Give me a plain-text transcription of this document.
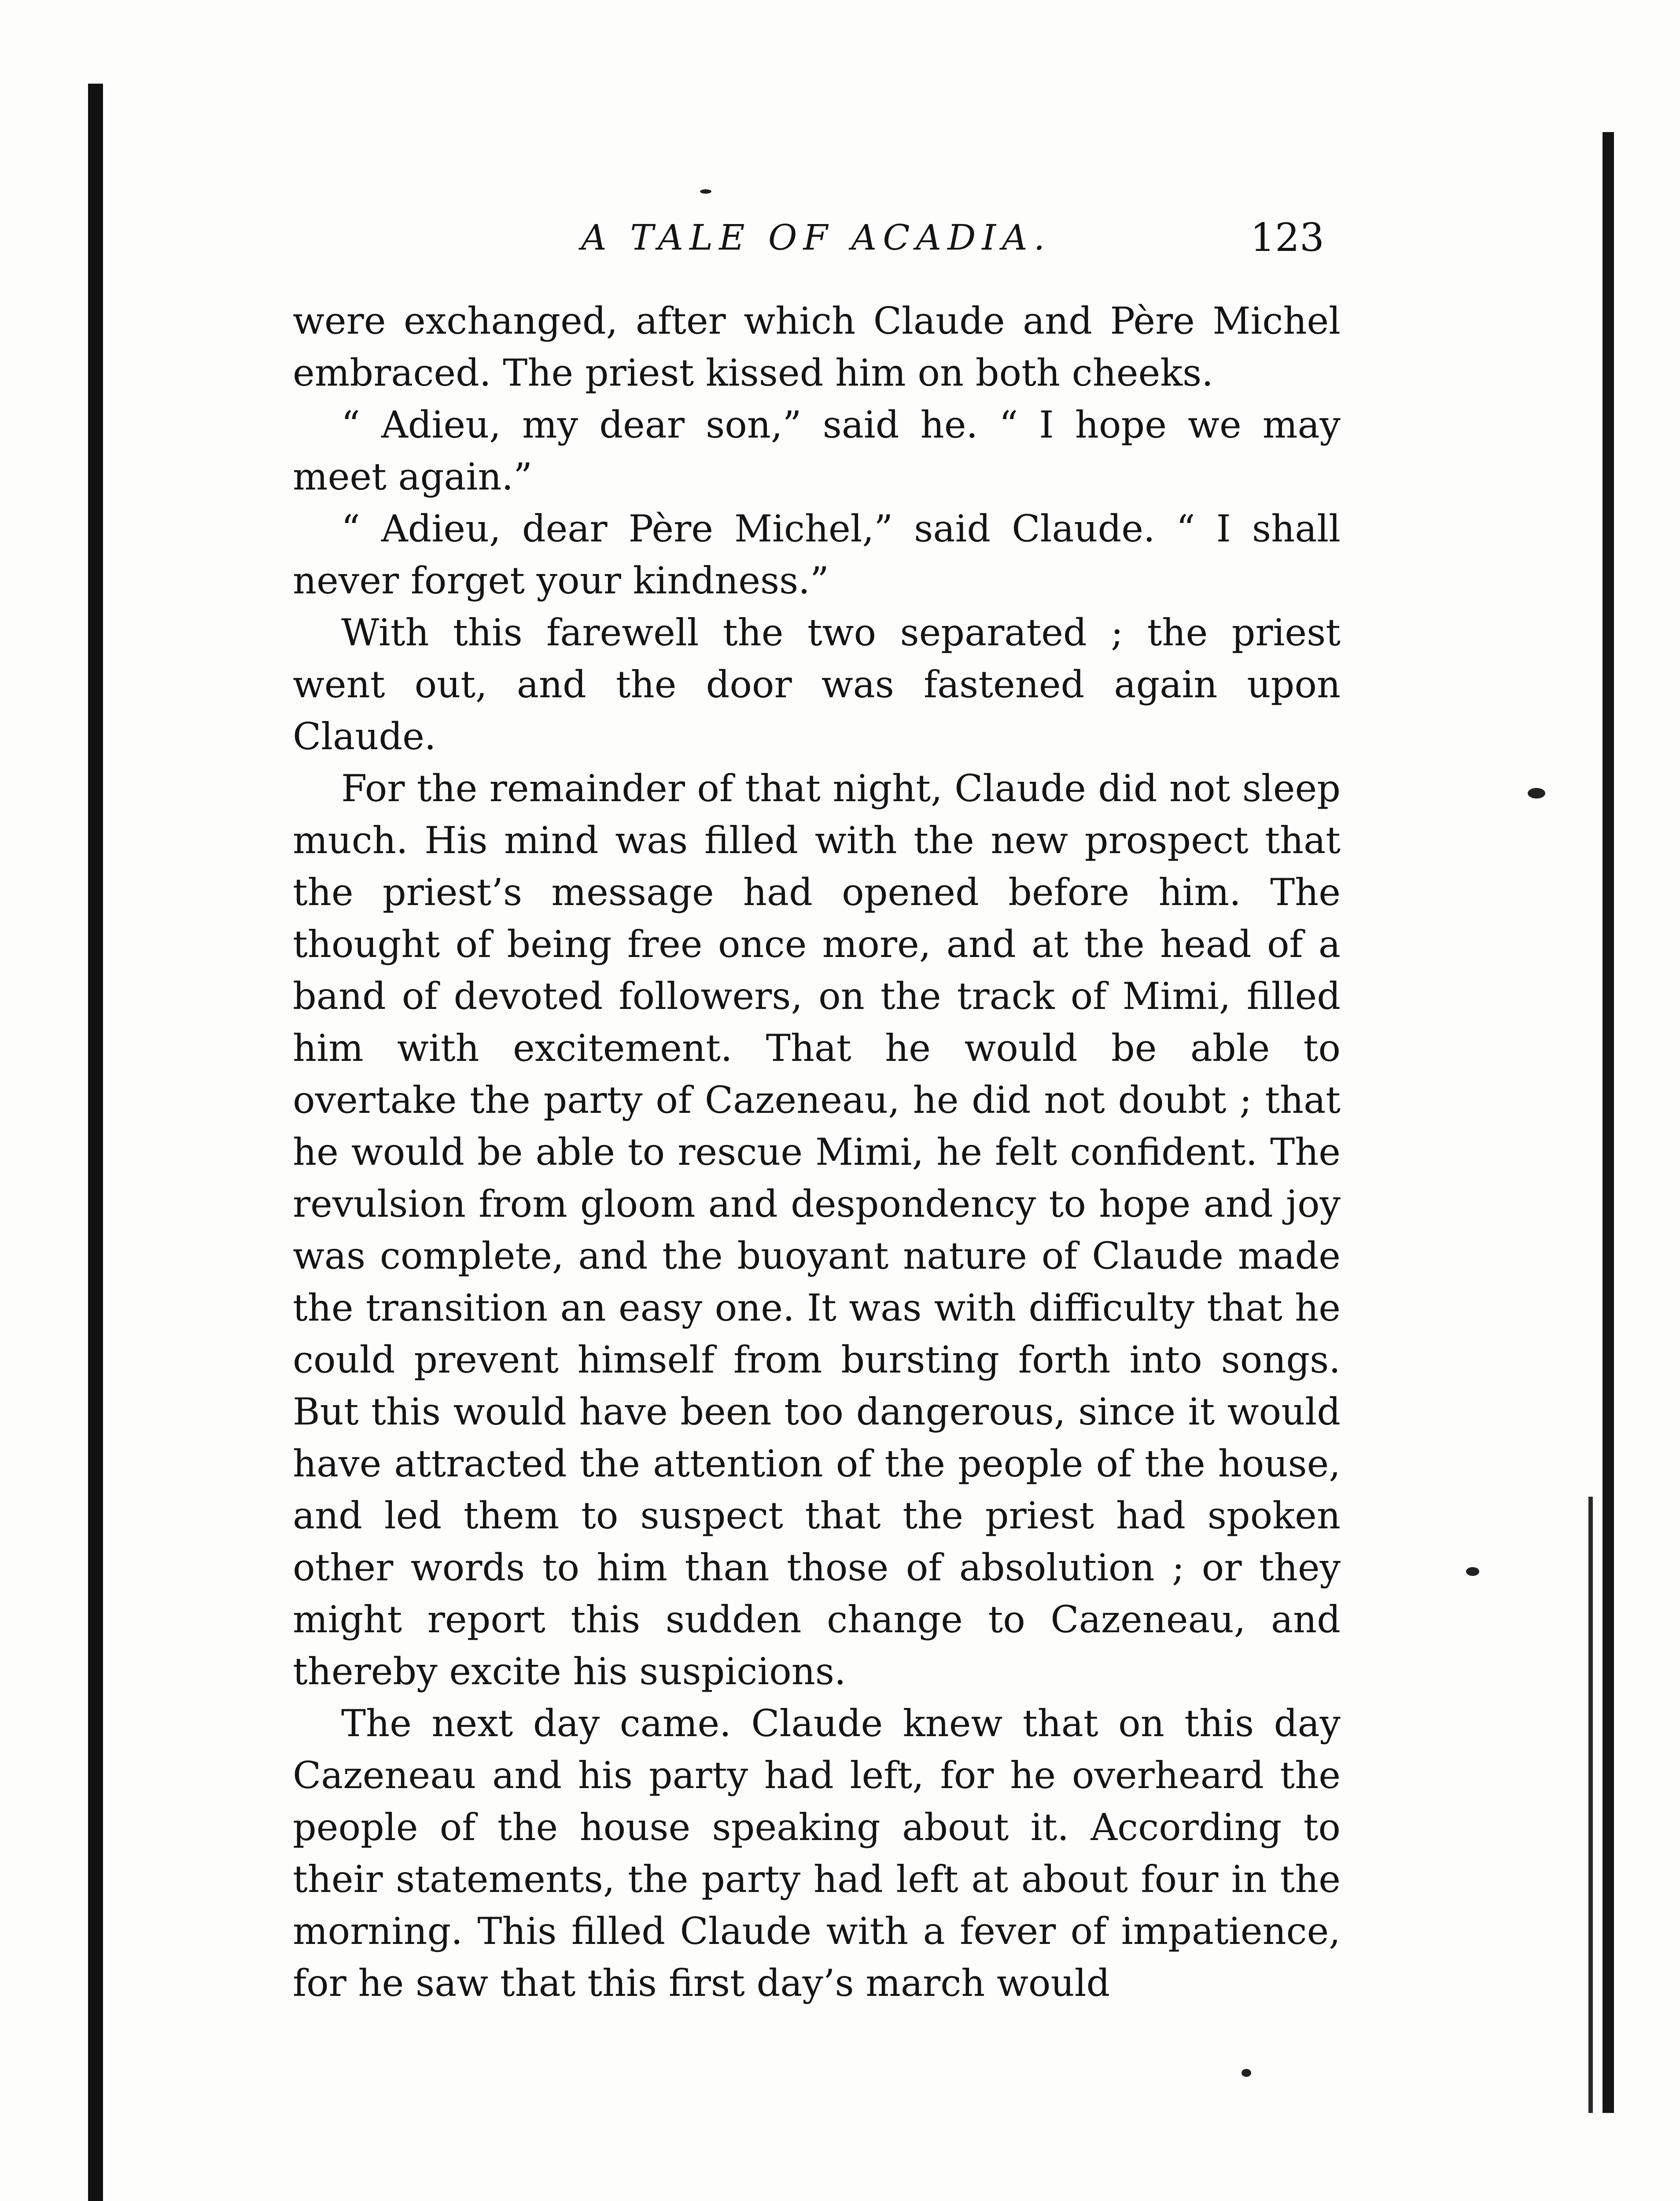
A TALE OF ACADIA.	123

were exchanged, after which Claude and Père Michel embraced. The priest kissed him on both cheeks.

“ Adieu, my dear son,” said he. “ I hope we may meet again.”

“ Adieu, dear Père Michel,” said Claude. “ I shall never forget your kindness.”

With this farewell the two separated ; the priest went out, and the door was fastened again upon Claude.

For the remainder of that night, Claude did not sleep much. His mind was filled with the new prospect that the priest’s message had opened before him. The thought of being free once more, and at the head of a band of devoted followers, on the track of Mimi, filled him with excitement. That he would be able to overtake the party of Cazeneau, he did not doubt ; that he would be able to rescue Mimi, he felt confident. The revulsion from gloom and despondency to hope and joy was complete, and the buoyant nature of Claude made the transition an easy one. It was with difficulty that he could prevent himself from bursting forth into songs. But this would have been too dangerous, since it would have attracted the attention of the people of the house, and led them to suspect that the priest had spoken other words to him than those of absolution ; or they might report this sudden change to Cazeneau, and thereby excite his suspicions.

The next day came. Claude knew that on this day Cazeneau and his party had left, for he overheard the people of the house speaking about it. According to their statements, the party had left at about four in the morning. This filled Claude with a fever of impatience, for he saw that this first day’s march would
